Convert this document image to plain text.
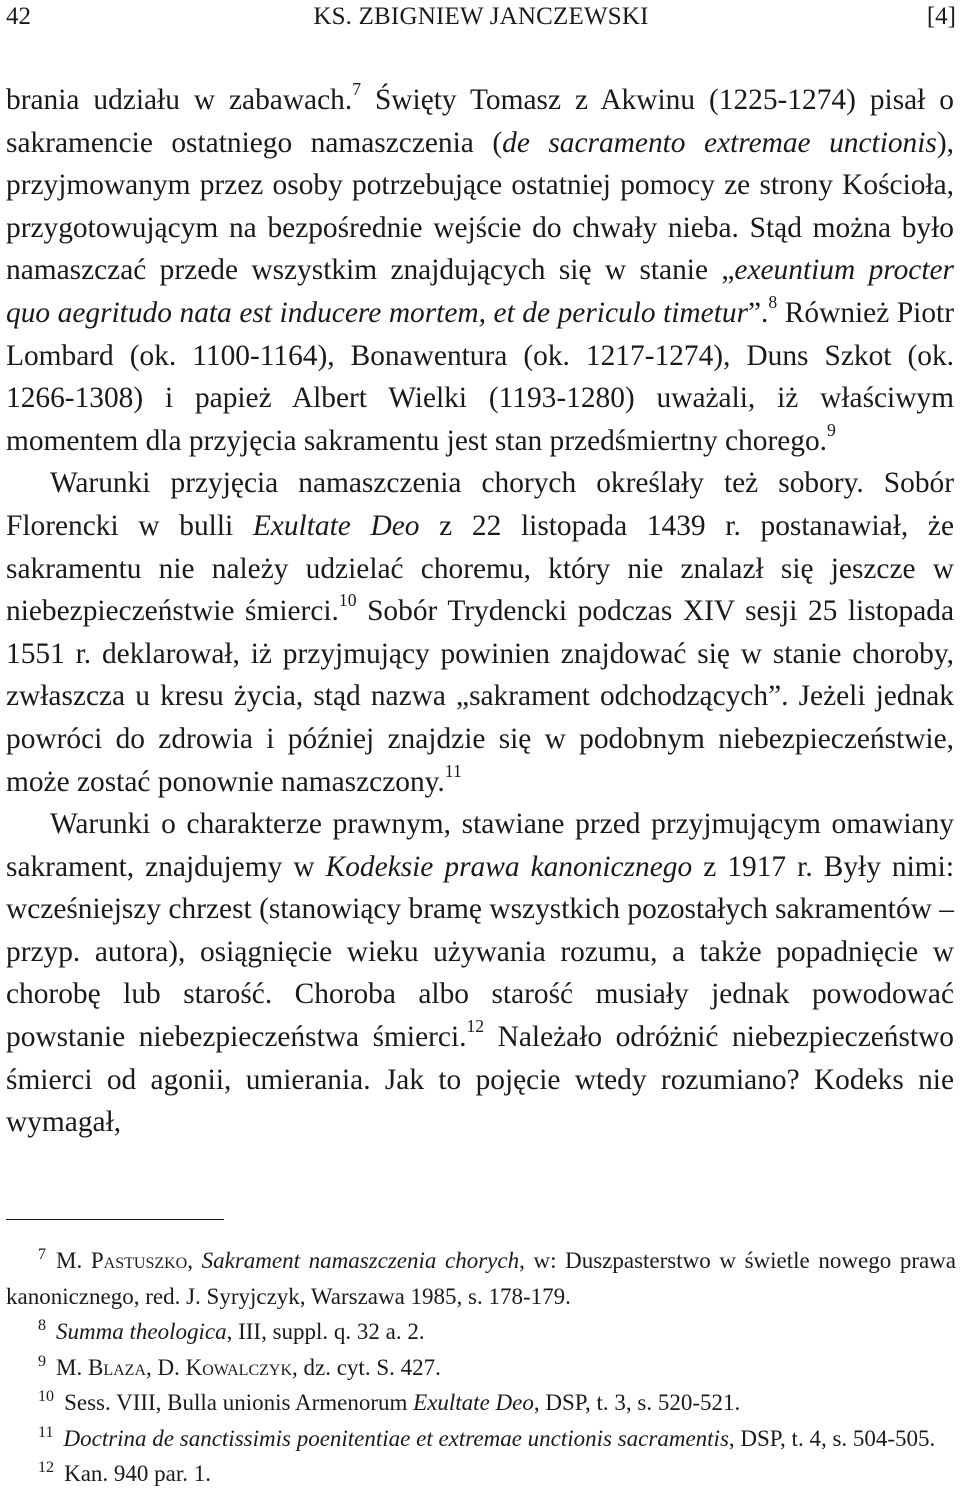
42	KS. ZBIGNIEW JANCZEWSKI	[4]

brania udziału w zabawach.$^7$ Święty Tomasz z Akwinu (1225-1274) pisał o sakramencie ostatniego namaszczenia (de sacramento extremae unctionis), przyjmowanym przez osoby potrzebujące ostatniej pomocy ze strony Kościoła, przygotowującym na bezpośrednie wejście do chwały nieba. Stąd można było namaszczać przede wszystkim znajdujących się w stanie „exeuntium procter quo aegritudo nata est inducere mortem, et de periculo timetur”.$^8$ Również Piotr Lombard (ok. 1100-1164), Bonawentura (ok. 1217-1274), Duns Szkot (ok. 1266-1308) i papież Albert Wielki (1193-1280) uważali, iż właściwym momentem dla przyjęcia sakramentu jest stan przedśmiertny chorego.$^9$

Warunki przyjęcia namaszczenia chorych określały też sobory. Sobór Florencki w bulli Exultate Deo z 22 listopada 1439 r. postanawiał, że sakramentu nie należy udzielać choremu, który nie znalazł się jeszcze w niebezpieczeństwie śmierci.$^{10}$ Sobór Trydencki podczas XIV sesji 25 listopada 1551 r. deklarował, iż przyjmujący powinien znajdować się w stanie choroby, zwłaszcza u kresu życia, stąd nazwa „sakrament odchodzących”. Jeżeli jednak powróci do zdrowia i później znajdzie się w podobnym niebezpieczeństwie, może zostać ponownie namaszczony.$^{11}$

Warunki o charakterze prawnym, stawiane przed przyjmującym omawiany sakrament, znajdujemy w Kodeksie prawa kanonicznego z 1917 r. Były nimi: wcześniejszy chrzest (stanowiący bramę wszystkich pozostałych sakramentów – przyp. autora), osiągnięcie wieku używania rozumu, a także popadnięcie w chorobę lub starość. Choroba albo starość musiały jednak powodować powstanie niebezpieczeństwa śmierci.$^{12}$ Należało odróżnić niebezpieczeństwo śmierci od agonii, umierania. Jak to pojęcie wtedy rozumiano? Kodeks nie wymagał,

$^7$ M. Pastuszko, Sakrament namaszczenia chorych, w: Duszpasterstwo w świetle nowego prawa kanonicznego, red. J. Syryjczyk, Warszawa 1985, s. 178-179.

$^8$ Summa theologica, III, suppl. q. 32 a. 2.

$^9$ M. Blaza, D. Kowalczyk, dz. cyt. S. 427.

$^{10}$ Sess. VIII, Bulla unionis Armenorum Exultate Deo, DSP, t. 3, s. 520-521.

$^{11}$ Doctrina de sanctissimis poenitentiae et extremae unctionis sacramentis, DSP, t. 4, s. 504-505.

$^{12}$ Kan. 940 par. 1.
